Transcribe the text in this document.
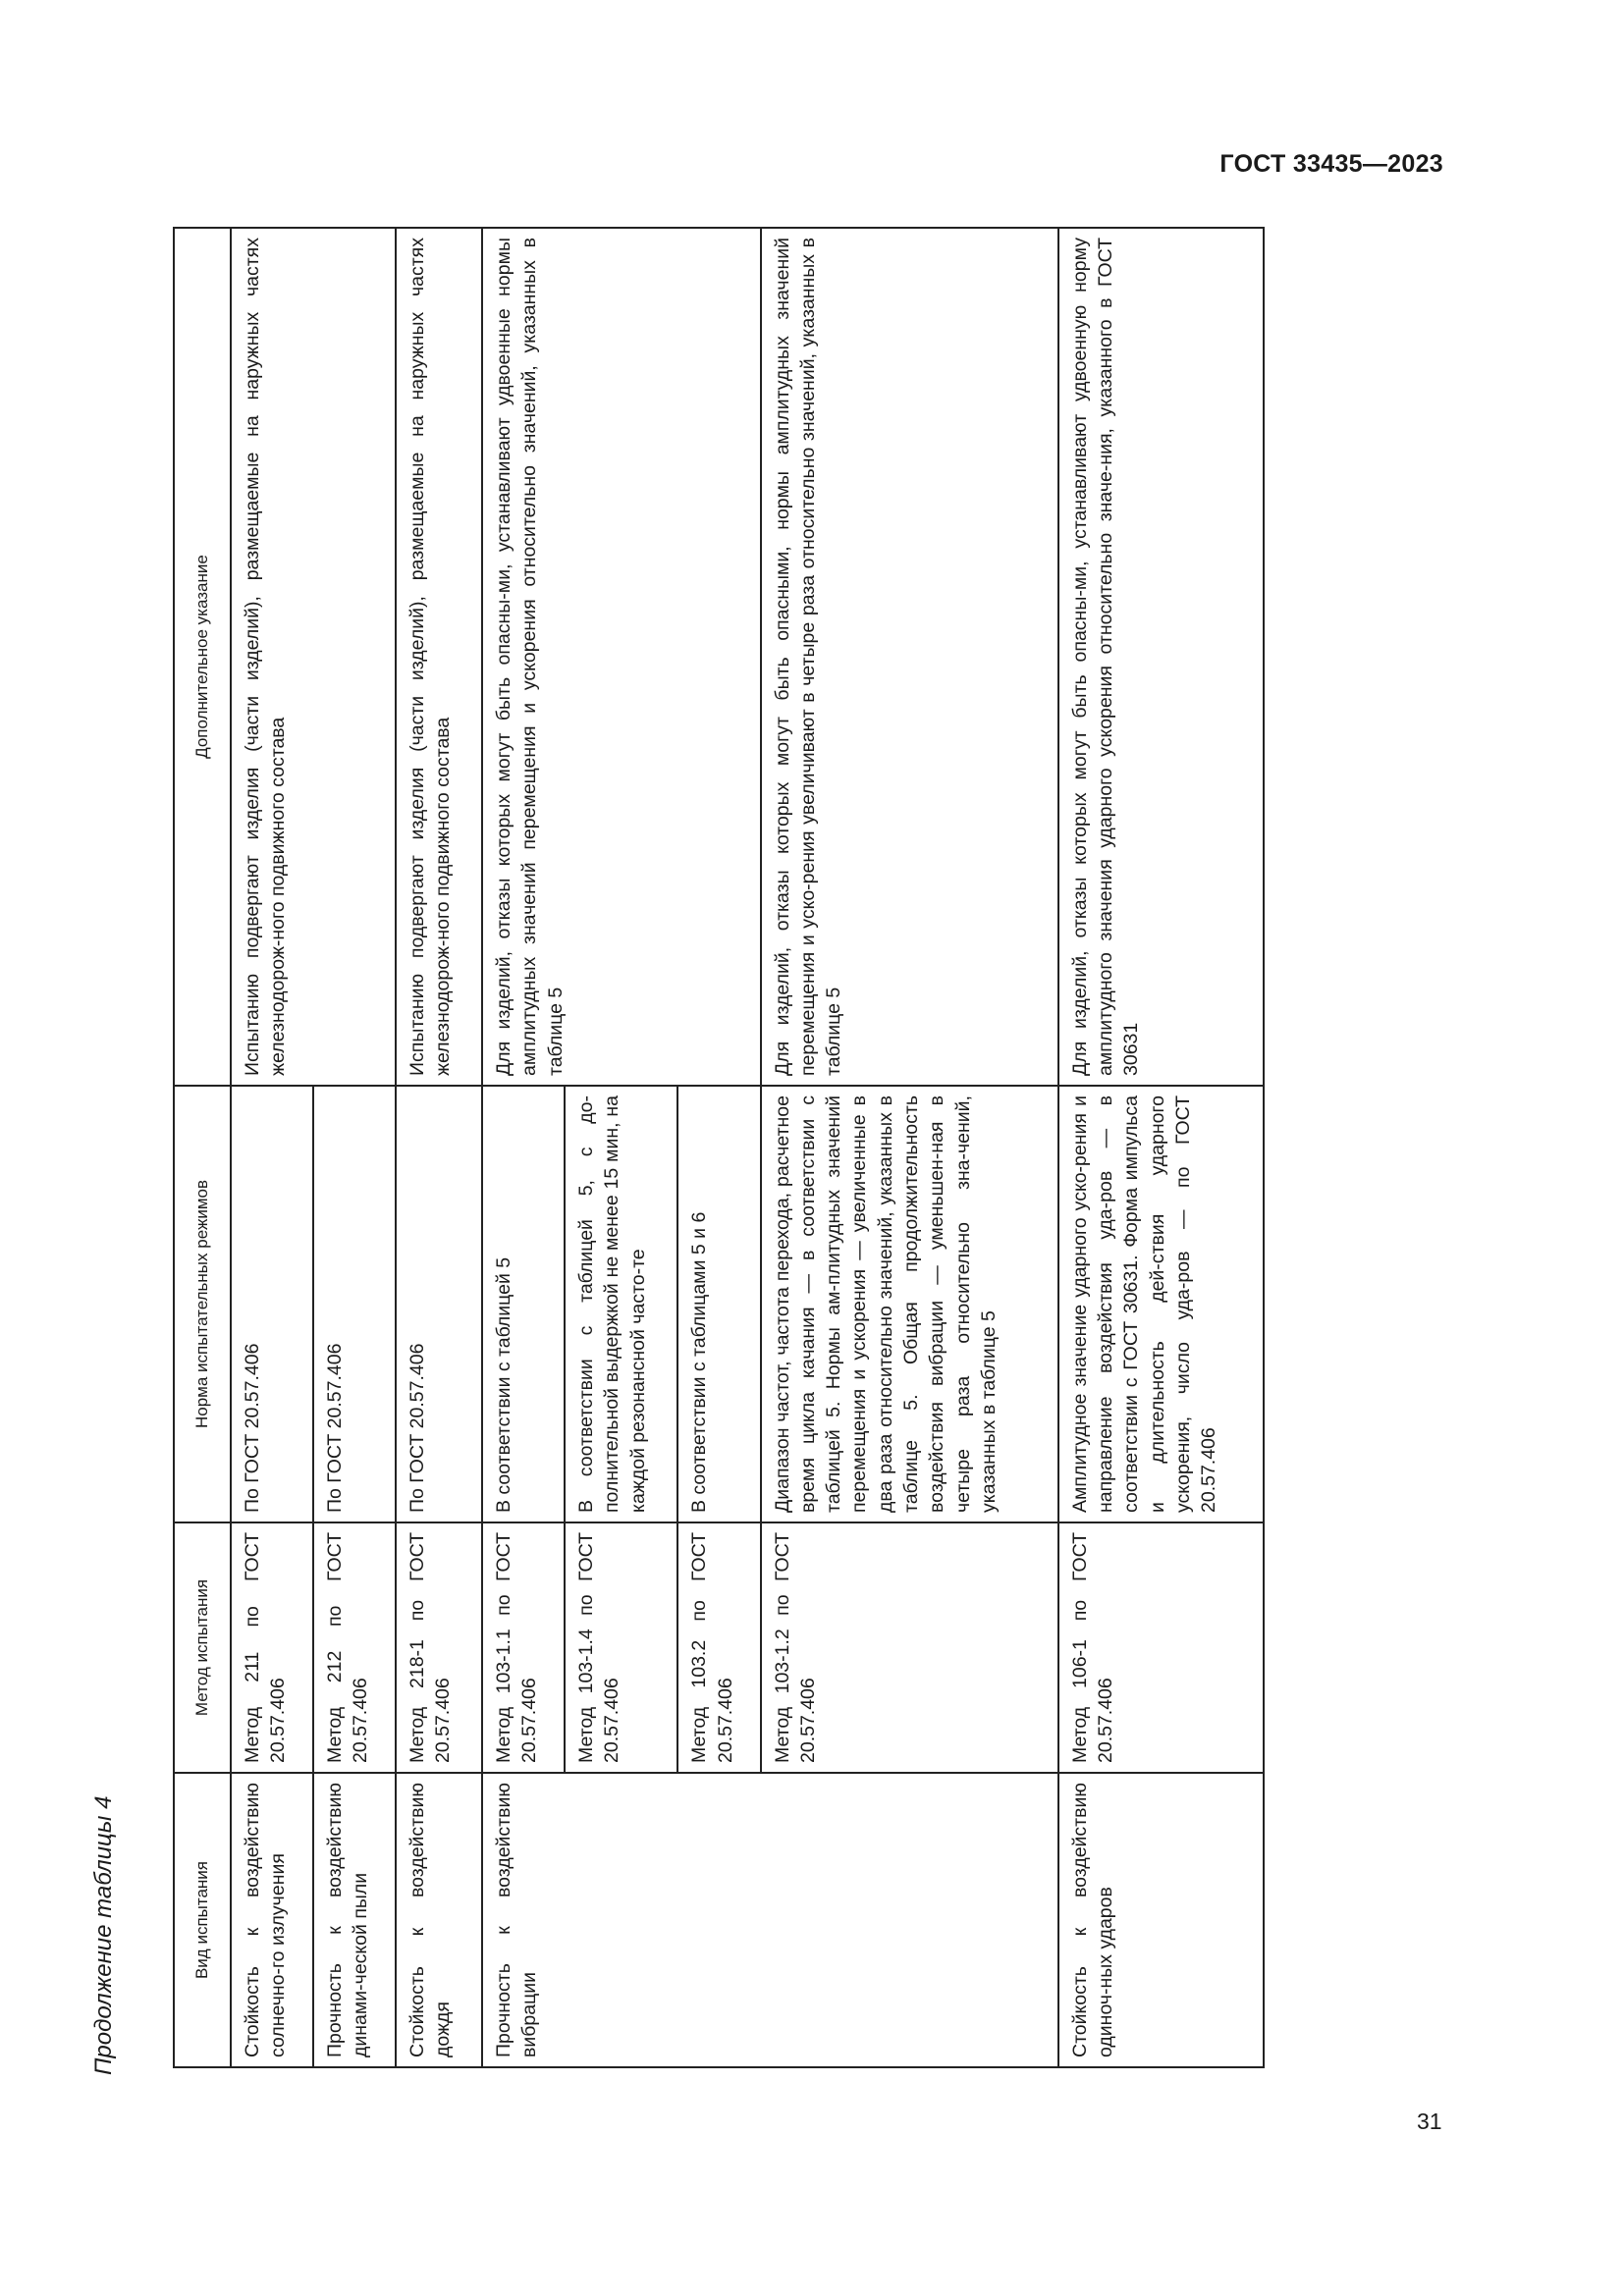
ГОСТ 33435—2023
Продолжение таблицы 4	Вид испытания	Метод испытания	Норма испытательных режимов	Дополнительное указание
Стойкость к воздействию солнечно-го излучения	Метод 211 по ГОСТ 20.57.406	По ГОСТ 20.57.406	Испытанию подвергают изделия (части изделий), размещаемые на наружных частях железнодорож-ного подвижного состава
Прочность к воздействию динами-ческой пыли	Метод 212 по ГОСТ 20.57.406	По ГОСТ 20.57.406	
Стойкость к воздействию дождя	Метод 218-1 по ГОСТ 20.57.406	По ГОСТ 20.57.406	Испытанию подвергают изделия (части изделий), размещаемые на наружных частях железнодорож-ного подвижного состава
Прочность к воздействию вибрации	Метод 103-1.1 по ГОСТ 20.57.406	В соответствии с таблицей 5	Для изделий, отказы которых могут быть опасны-ми, устанавливают удвоенные нормы амплитудных значений перемещения и ускорения относительно значений, указанных в таблице 5
	Метод 103-1.4 по ГОСТ 20.57.406	В соответствии с таблицей 5, с до-полнительной выдержкой не менее 15 мин, на каждой резонансной часто-те	
	Метод 103.2 по ГОСТ 20.57.406	В соответствии с таблицами 5 и 6	
	Метод 103-1.2 по ГОСТ 20.57.406	Диапазон частот, частота перехода, расчетное время цикла качания — в соответствии с таблицей 5. Нормы ам-плитудных значений перемещения и ускорения — увеличенные в два раза относительно значений, указанных в таблице 5. Общая продолжительность воздействия вибрации — уменьшен-ная в четыре раза относительно зна-чений, указанных в таблице 5	Для изделий, отказы которых могут быть опасными, нормы амплитудных значений перемещения и уско-рения увеличивают в четыре раза относительно значений, указанных в таблице 5
Стойкость к воздействию одиноч-ных ударов	Метод 106-1 по ГОСТ 20.57.406	Амплитудное значение ударного уско-рения и направление воздействия уда-ров — в соответствии с ГОСТ 30631. Форма импульса и длительность дей-ствия ударного ускорения, число уда-ров — по ГОСТ 20.57.406	Для изделий, отказы которых могут быть опасны-ми, устанавливают удвоенную норму амплитудного значения ударного ускорения относительно значе-ния, указанного в ГОСТ 30631
31
